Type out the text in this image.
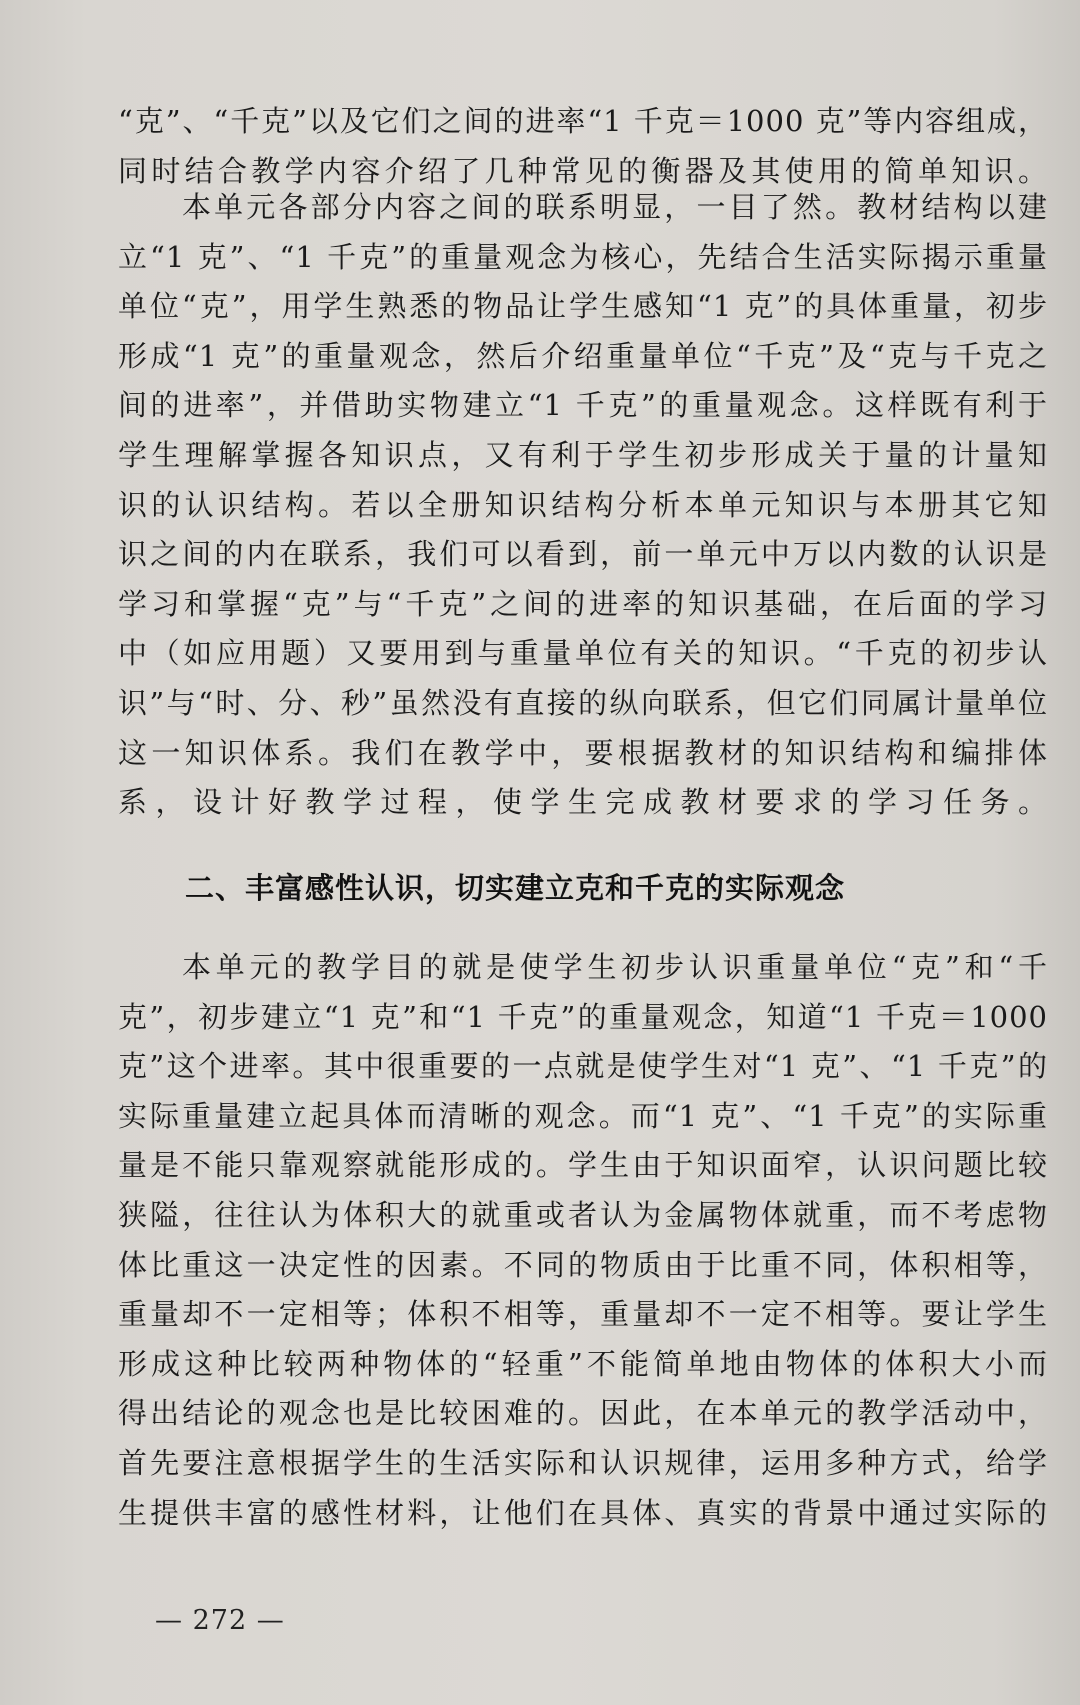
“克”、“千克”以及它们之间的进率“1 千克＝1000 克”等内容组成，
同时结合教学内容介绍了几种常见的衡器及其使用的简单知识。

本单元各部分内容之间的联系明显，一目了然。教材结构以建
立“1 克”、“1 千克”的重量观念为核心，先结合生活实际揭示重量
单位“克”，用学生熟悉的物品让学生感知“1 克”的具体重量，初步
形成“1 克”的重量观念，然后介绍重量单位“千克”及“克与千克之
间的进率”，并借助实物建立“1 千克”的重量观念。这样既有利于
学生理解掌握各知识点，又有利于学生初步形成关于量的计量知
识的认识结构。若以全册知识结构分析本单元知识与本册其它知
识之间的内在联系，我们可以看到，前一单元中万以内数的认识是
学习和掌握“克”与“千克”之间的进率的知识基础，在后面的学习
中（如应用题）又要用到与重量单位有关的知识。“千克的初步认
识”与“时、分、秒”虽然没有直接的纵向联系，但它们同属计量单位
这一知识体系。我们在教学中，要根据教材的知识结构和编排体
系，设计好教学过程，使学生完成教材要求的学习任务。

二、丰富感性认识，切实建立克和千克的实际观念

本单元的教学目的就是使学生初步认识重量单位“克”和“千
克”，初步建立“1 克”和“1 千克”的重量观念，知道“1 千克＝1000
克”这个进率。其中很重要的一点就是使学生对“1 克”、“1 千克”的
实际重量建立起具体而清晰的观念。而“1 克”、“1 千克”的实际重
量是不能只靠观察就能形成的。学生由于知识面窄，认识问题比较
狭隘，往往认为体积大的就重或者认为金属物体就重，而不考虑物
体比重这一决定性的因素。不同的物质由于比重不同，体积相等，
重量却不一定相等；体积不相等，重量却不一定不相等。要让学生
形成这种比较两种物体的“轻重”不能简单地由物体的体积大小而
得出结论的观念也是比较困难的。因此，在本单元的教学活动中，
首先要注意根据学生的生活实际和认识规律，运用多种方式，给学
生提供丰富的感性材料，让他们在具体、真实的背景中通过实际的

— 272 —
